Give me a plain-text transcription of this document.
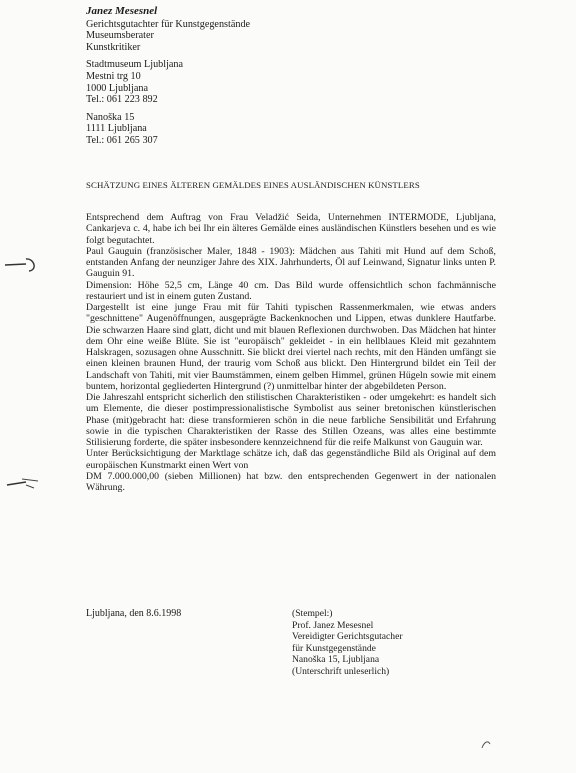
Janez Mesesnel
Gerichtsgutachter für Kunstgegenstände
Museumsberater
Kunstkritiker
Stadtmuseum Ljubljana
Mestni trg 10
1000 Ljubljana
Tel.: 061 223 892
Nanoška 15
1111 Ljubljana
Tel.: 061 265 307
SCHÄTZUNG EINES ÄLTEREN GEMÄLDES EINES AUSLÄNDISCHEN KÜNSTLERS

Entsprechend dem Auftrag von Frau Veladžić Seida, Unternehmen INTERMODE, Ljubljana, Cankarjeva c. 4, habe ich bei Ihr ein älteres Gemälde eines ausländischen Künstlers besehen und es wie folgt begutachtet.

Paul Gauguin (französischer Maler, 1848 - 1903): Mädchen aus Tahiti mit Hund auf dem Schoß, entstanden Anfang der neunziger Jahre des XIX. Jahrhunderts, Öl auf Leinwand, Signatur links unten P. Gauguin 91.

Dimension: Höhe 52,5 cm, Länge 40 cm. Das Bild wurde offensichtlich schon fachmännische restauriert und ist in einem guten Zustand.

Dargestellt ist eine junge Frau mit für Tahiti typischen Rassenmerkmalen, wie etwas anders "geschnittene" Augenöffnungen, ausgeprägte Backenknochen und Lippen, etwas dunklere Hautfarbe. Die schwarzen Haare sind glatt, dicht und mit blauen Reflexionen durchwoben. Das Mädchen hat hinter dem Ohr eine weiße Blüte. Sie ist "europäisch" gekleidet - in ein hellblaues Kleid mit gezahntem Halskragen, sozusagen ohne Ausschnitt. Sie blickt drei viertel nach rechts, mit den Händen umfängt sie einen kleinen braunen Hund, der traurig vom Schoß aus blickt. Den Hintergrund bildet ein Teil der Landschaft von Tahiti, mit vier Baumstämmen, einem gelben Himmel, grünen Hügeln sowie mit einem buntem, horizontal gegliederten Hintergrund (?) unmittelbar hinter der abgebildeten Person.

Die Jahreszahl entspricht sicherlich den stilistischen Charakteristiken - oder umgekehrt: es handelt sich um Elemente, die dieser postimpressionalistische Symbolist aus seiner bretonischen künstlerischen Phase (mit)gebracht hat: diese transformieren schön in die neue farbliche Sensibilität und Erfahrung sowie in die typischen Charakteristiken der Rasse des Stillen Ozeans, was alles eine bestimmte Stilisierung forderte, die später insbesondere kennzeichnend für die reife Malkunst von Gauguin war.

Unter Berücksichtigung der Marktlage schätze ich, daß das gegenständliche Bild als Original auf dem europäischen Kunstmarkt einen Wert von

DM 7.000.000,00 (sieben Millionen) hat bzw. den entsprechenden Gegenwert in der nationalen Währung.

Ljubljana, den 8.6.1998	(Stempel:)
Prof. Janez Mesesnel
Vereidigter Gerichtsgutacher
für Kunstgegenstände
Nanoška 15, Ljubljana
(Unterschrift unleserlich)
